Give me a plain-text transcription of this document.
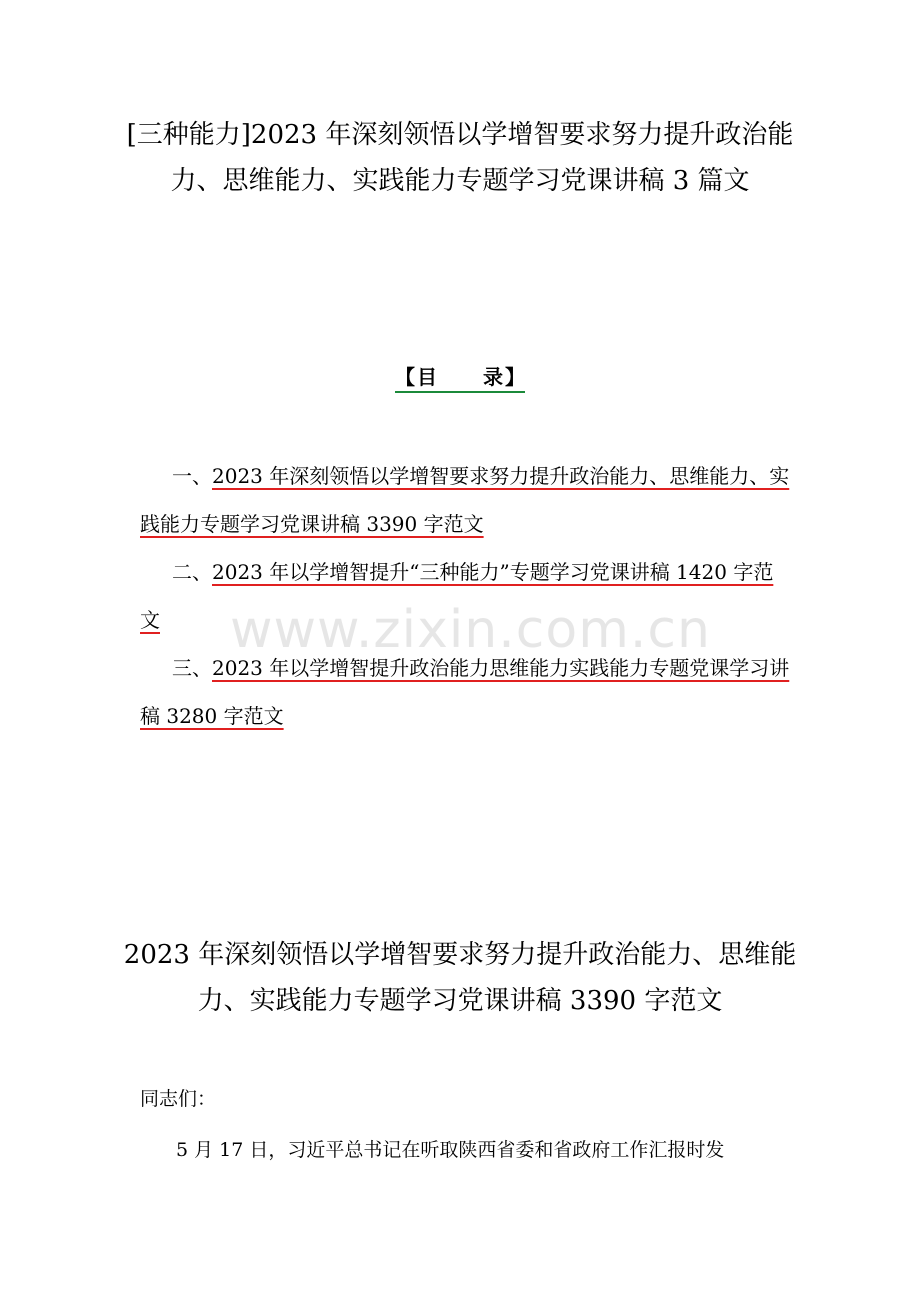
[三种能力]2023 年深刻领悟以学增智要求努力提升政治能力、思维能力、实践能力专题学习党课讲稿 3 篇文
【目　　录】

一、2023 年深刻领悟以学增智要求努力提升政治能力、思维能力、实践能力专题学习党课讲稿 3390 字范文

二、2023 年以学增智提升“三种能力”专题学习党课讲稿 1420 字范文

三、2023 年以学增智提升政治能力思维能力实践能力专题党课学习讲稿 3280 字范文

www.zixin.com.cn
2023 年深刻领悟以学增智要求努力提升政治能力、思维能力、实践能力专题学习党课讲稿 3390 字范文

同志们：

5 月 17 日，习近平总书记在听取陕西省委和省政府工作汇报时发
